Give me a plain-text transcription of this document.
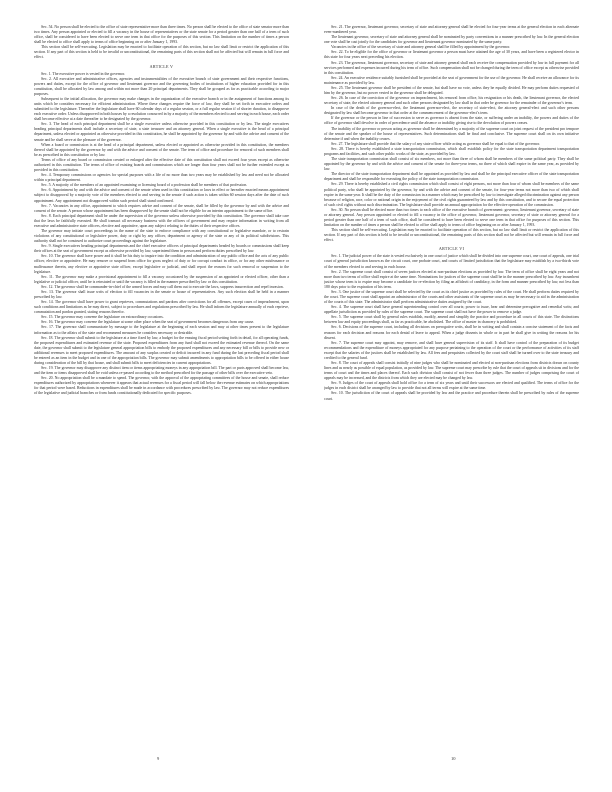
Sec. 54. No person shall be elected to the office of state representative more than three times. No person shall be elected to the office of state senator more than two times. Any person appointed or elected to fill a vacancy in the house of representatives or the state senate for a period greater than one half of a term of such office, shall be considered to have been elected to serve one term in that office for the purposes of this section. This limitation on the number of times a person shall be elected to office shall apply to terms of office beginning on or after January 1, 1993.

This section shall be self-executing. Legislation may be enacted to facilitate operation of this section, but no law shall limit or restrict the application of this section. If any part of this section is held to be invalid or unconstitutional, the remaining parts of this section shall not be affected but will remain in full force and effect.

ARTICLE V

Sec. 1. The executive power is vested in the governor.

Sec. 2. All executive and administrative offices, agencies and instrumentalities of the executive branch of state government and their respective functions, powers and duties, except for the office of governor and lieutenant governor and the governing bodies of institutions of higher education provided for in this constitution, shall be allocated by law among and within not more than 20 principal departments. They shall be grouped as far as practicable according to major purposes.

Subsequent to the initial allocation, the governor may make changes in the organization of the executive branch or in the assignment of functions among its units which he considers necessary for efficient administration. Where these changes require the force of law, they shall be set forth in executive orders and submitted to the legislature. Thereafter the legislature shall have 60 calendar days of a regular session, or a full regular session if of shorter duration, to disapprove each executive order. Unless disapproved in both houses by a resolution concurred in by a majority of the members elected to and serving in each house, each order shall become effective at a date thereafter to be designated by the governor.

Sec. 3. The head of each principal department shall be a single executive unless otherwise provided in this constitution or by law. The single executives heading principal departments shall include a secretary of state, a state treasurer and an attorney general. When a single executive is the head of a principal department, unless elected or appointed as otherwise provided in this constitution, he shall be appointed by the governor by and with the advice and consent of the senate and he shall serve at the pleasure of the governor.

When a board or commission is at the head of a principal department, unless elected or appointed as otherwise provided in this constitution, the members thereof shall be appointed by the governor by and with the advice and consent of the senate. The term of office and procedure for removal of such members shall be as prescribed in this constitution or by law.

Terms of office of any board or commission created or enlarged after the effective date of this constitution shall not exceed four years except as otherwise authorized in this constitution. The terms of office of existing boards and commissions which are longer than four years shall not be further extended except as provided in this constitution.

Sec. 4. Temporary commissions or agencies for special purposes with a life of no more than two years may be established by law and need not be allocated within a principal department.

Sec. 5. A majority of the members of an appointed examining or licensing board of a profession shall be members of that profession.

Sec. 6. Appointment by and with the advice and consent of the senate when used in this constitution or laws in effect or hereafter enacted means appointment subject to disapproval by a majority vote of the members elected to and serving in the senate if such action is taken within 60 session days after the date of such appointment. Any appointment not disapproved within such period shall stand confirmed.

Sec. 7. Vacancies in any office, appointment to which requires advice and consent of the senate, shall be filled by the governor by and with the advice and consent of the senate. A person whose appointment has been disapproved by the senate shall not be eligible for an interim appointment to the same office.

Sec. 8. Each principal department shall be under the supervision of the governor unless otherwise provided by this constitution. The governor shall take care that the laws be faithfully executed. He shall transact all necessary business with the officers of government and may require information in writing from all executive and administrative state officers, elective and appointive, upon any subject relating to the duties of their respective offices.

The governor may initiate court proceedings in the name of the state to enforce compliance with any constitutional or legislative mandate, or to restrain violations of any constitutional or legislative power, duty or right by any officer, department or agency of the state or any of its political subdivisions. This authority shall not be construed to authorize court proceedings against the legislature.

Sec. 9. Single executives heading principal departments and the chief executive officers of principal departments headed by boards or commissions shall keep their offices at the seat of government except as otherwise provided by law, superintend them in person and perform duties prescribed by law.

Sec. 10. The governor shall have power and it shall be his duty to inquire into the condition and administration of any public office and the acts of any public officer, elective or appointive. He may remove or suspend from office for gross neglect of duty or for corrupt conduct in office, or for any other misfeasance or malfeasance therein, any elective or appointive state officer, except legislative or judicial, and shall report the reasons for such removal or suspension to the legislature.

Sec. 11. The governor may make a provisional appointment to fill a vacancy occasioned by the suspension of an appointed or elected officer, other than a legislative or judicial officer, until he is reinstated or until the vacancy is filled in the manner prescribed by law or this constitution.

Sec. 12. The governor shall be commander-in-chief of the armed forces and may call them out to execute the laws, suppress insurrection and repel invasion.

Sec. 13. The governor shall issue writs of election to fill vacancies in the senate or house of representatives. Any such election shall be held in a manner prescribed by law.

Sec. 14. The governor shall have power to grant reprieves, commutations and pardons after convictions for all offenses, except cases of impeachment, upon such conditions and limitations as he may direct, subject to procedures and regulations prescribed by law. He shall inform the legislature annually of each reprieve, commutation and pardon granted, stating reasons therefor.

Sec. 15. The governor may convene the legislature on extraordinary occasions.

Sec. 16. The governor may convene the legislature at some other place when the seat of government becomes dangerous from any cause.

Sec. 17. The governor shall communicate by message to the legislature at the beginning of each session and may at other times present to the legislature information as to the affairs of the state and recommend measures he considers necessary or desirable.

Sec. 18. The governor shall submit to the legislature at a time fixed by law, a budget for the ensuing fiscal period setting forth in detail, for all operating funds, the proposed expenditures and estimated revenue of the state. Proposed expenditures from any fund shall not exceed the estimated revenue thereof. On the same date, the governor shall submit to the legislature general appropriation bills to embody the proposed expenditures and any necessary bill or bills to provide new or additional revenues to meet proposed expenditures. The amount of any surplus created or deficit incurred in any fund during the last preceding fiscal period shall be entered as an item in the budget and in one of the appropriation bills. The governor may submit amendments to appropriation bills to be offered in either house during consideration of the bill by that house, and shall submit bills to meet deficiencies in current appropriations.

Sec. 19. The governor may disapprove any distinct item or items appropriating moneys in any appropriation bill. The part or parts approved shall become law, and the item or items disapproved shall be void unless re-passed according to the method prescribed for the passage of other bills over the executive veto.

Sec. 20. No appropriation shall be a mandate to spend. The governor, with the approval of the appropriating committees of the house and senate, shall reduce expenditures authorized by appropriations whenever it appears that actual revenues for a fiscal period will fall below the revenue estimates on which appropriations for that period were based. Reductions in expenditures shall be made in accordance with procedures prescribed by law. The governor may not reduce expenditures of the legislative and judicial branches or from funds constitutionally dedicated for specific purposes.

Sec. 21. The governor, lieutenant governor, secretary of state and attorney general shall be elected for four-year terms at the general election in each alternate even-numbered year.

The lieutenant governor, secretary of state and attorney general shall be nominated by party conventions in a manner prescribed by law. In the general election one vote shall be cast jointly for the candidates for governor and lieutenant governor nominated by the same party.

Vacancies in the office of the secretary of state and attorney general shall be filled by appointment by the governor.

Sec. 22. To be eligible for the office of governor or lieutenant governor a person must have attained the age of 30 years, and have been a registered elector in this state for four years next preceding his election.

Sec. 23. The governor, lieutenant governor, secretary of state and attorney general shall each receive the compensation provided by law in full payment for all services performed and expenses incurred during his term of office. Such compensation shall not be changed during the term of office except as otherwise provided in this constitution.

Sec. 24. An executive residence suitably furnished shall be provided at the seat of government for the use of the governor. He shall receive an allowance for its maintenance as provided by law.

Sec. 25. The lieutenant governor shall be president of the senate, but shall have no vote, unless they be equally divided. He may perform duties requested of him by the governor, but no power vested in the governor shall be delegated.

Sec. 26. In case of the conviction of the governor on impeachment, his removal from office, his resignation or his death, the lieutenant governor, the elected secretary of state, the elected attorney general and such other persons designated by law shall in that order be governor for the remainder of the governor's term.

In case of the death of the governor-elect, the lieutenant governor-elect, the secretary of state-elect, the attorney general-elect and such other persons designated by law shall become governor in that order at the commencement of the governor-elect's term.

If the governor or the person in line of succession to serve as governor is absent from the state, or suffering under an inability, the powers and duties of the office of governor shall devolve in order of precedence until the absence or inability giving rise to the devolution of powers ceases.

The inability of the governor or person acting as governor shall be determined by a majority of the supreme court on joint request of the president pro tempore of the senate and the speaker of the house of representatives. Such determinations shall be final and conclusive. The supreme court shall on its own initiative determine if and when the inability ceases.

Sec. 27. The legislature shall provide that the salary of any state officer while acting as governor shall be equal to that of the governor.

Sec. 28. There is hereby established a state transportation commission, which shall establish policy for the state transportation department transportation programs and facilities, and such other public works of the state, as provided by law.

The state transportation commission shall consist of six members, not more than three of whom shall be members of the same political party. They shall be appointed by the governor by and with the advice and consent of the senate for three-year terms, no three of which shall expire in the same year, as provided by law.

The director of the state transportation department shall be appointed as provided by law and shall be the principal executive officer of the state transportation department and shall be responsible for executing the policy of the state transportation commission.

Sec. 29. There is hereby established a civil rights commission which shall consist of eight persons, not more than four of whom shall be members of the same political party, who shall be appointed by the governor, by and with the advice and consent of the senate, for four-year terms not more than two of which shall expire in the same year. It shall be the duty of the commission in a manner which may be prescribed by law to investigate alleged discrimination against any person because of religion, race, color or national origin in the enjoyment of the civil rights guaranteed by law and by this constitution, and to secure the equal protection of such civil rights without such discrimination. The legislature shall provide an annual appropriation for the effective operation of the commission.

Sec. 30. No person shall be elected more than two times to each office of the executive branch of government: governor, lieutenant governor, secretary of state or attorney general. Any person appointed or elected to fill a vacancy in the office of governor, lieutenant governor, secretary of state or attorney general for a period greater than one half of a term of such office, shall be considered to have been elected to serve one term in that office for purposes of this section. This limitation on the number of times a person shall be elected to office shall apply to terms of office beginning on or after January 1, 1993.

This section shall be self-executing. Legislation may be enacted to facilitate operation of this section, but no law shall limit or restrict the application of this section. If any part of this section is held to be invalid or unconstitutional, the remaining parts of this section shall not be affected but will remain in full force and effect.

ARTICLE VI

Sec. 1. The judicial power of the state is vested exclusively in one court of justice which shall be divided into one supreme court, one court of appeals, one trial court of general jurisdiction known as the circuit court, one probate court, and courts of limited jurisdiction that the legislature may establish by a two-thirds vote of the members elected to and serving in each house.

Sec. 2. The supreme court shall consist of seven justices elected at non-partisan elections as provided by law. The term of office shall be eight years and not more than two terms of office shall expire at the same time. Nominations for justices of the supreme court shall be in the manner prescribed by law. Any incumbent justice whose term is to expire may become a candidate for re-election by filing an affidavit of candidacy, in the form and manner prescribed by law, not less than 180 days prior to the expiration of his term.

Sec. 3. One justice of the supreme court shall be selected by the court as its chief justice as provided by rules of the court. He shall perform duties required by the court. The supreme court shall appoint an administrator of the courts and other assistants of the supreme court as may be necessary to aid in the administration of the courts of this state. The administrator shall perform administrative duties assigned by the court.

Sec. 4. The supreme court shall have general superintending control over all courts; power to issue, hear and determine prerogative and remedial writs; and appellate jurisdiction as provided by rules of the supreme court. The supreme court shall not have the power to remove a judge.

Sec. 5. The supreme court shall by general rules establish, modify, amend and simplify the practice and procedure in all courts of this state. The distinctions between law and equity proceedings shall, as far as practicable, be abolished. The office of master in chancery is prohibited.

Sec. 6. Decisions of the supreme court, including all decisions on prerogative writs, shall be in writing and shall contain a concise statement of the facts and reasons for each decision and reasons for each denial of leave to appeal. When a judge dissents in whole or in part he shall give in writing the reasons for his dissent.

Sec. 7. The supreme court may appoint, may remove, and shall have general supervision of its staff. It shall have control of the preparation of its budget recommendations and the expenditure of moneys appropriated for any purpose pertaining to the operation of the court or the performance of activities of its staff except that the salaries of the justices shall be established by law. All fees and perquisites collected by the court staff shall be turned over to the state treasury and credited to the general fund.

Sec. 8. The court of appeals shall consist initially of nine judges who shall be nominated and elected at non-partisan elections from districts drawn on county lines and as nearly as possible of equal population, as provided by law. The supreme court may prescribe by rule that the court of appeals sit in divisions and for the terms of court and the times and places thereof. Each such division shall consist of not fewer than three judges. The number of judges comprising the court of appeals may be increased, and the districts from which they are elected may be changed by law.

Sec. 9. Judges of the court of appeals shall hold office for a term of six years and until their successors are elected and qualified. The terms of office for the judges in each district shall be arranged by law to provide that not all terms will expire at the same time.

Sec. 10. The jurisdiction of the court of appeals shall be provided by law and the practice and procedure therein shall be prescribed by rules of the supreme court.

9	10
